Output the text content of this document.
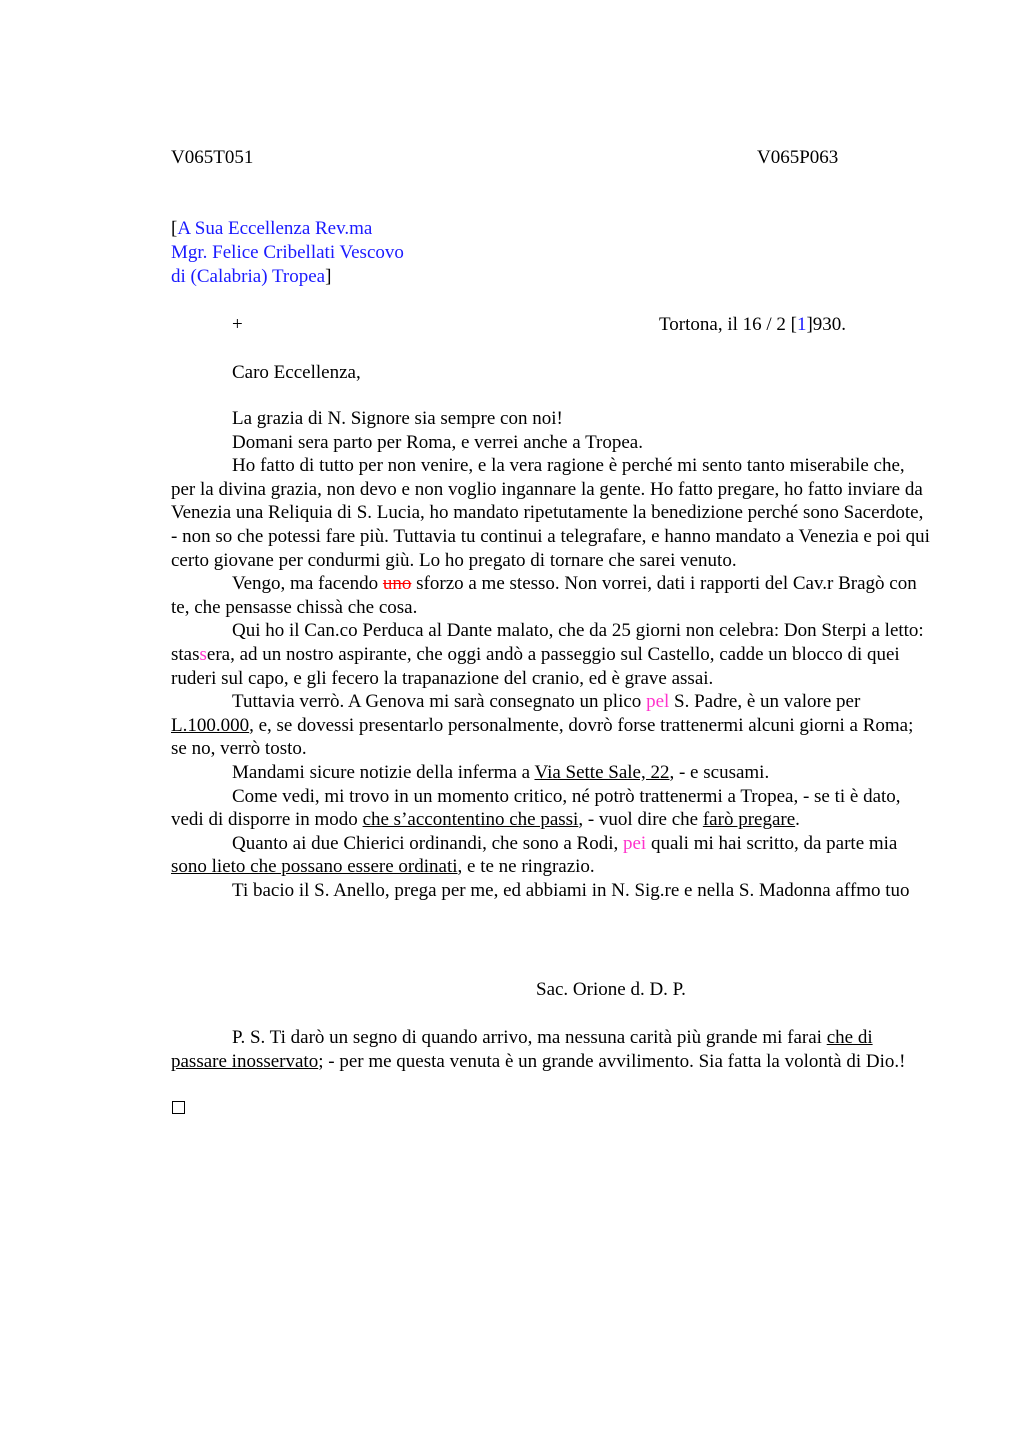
V065T051	V065P063
[A Sua Eccellenza Rev.ma
Mgr. Felice Cribellati Vescovo
di (Calabria) Tropea]
+	Tortona, il 16 / 2 [1]930.
Caro Eccellenza,

La grazia di N. Signore sia sempre con noi!

Domani sera parto per Roma, e verrei anche a Tropea.

Ho fatto di tutto per non venire, e la vera ragione è perché mi sento tanto miserabile che, per la divina grazia, non devo e non voglio ingannare la gente. Ho fatto pregare, ho fatto inviare da Venezia una Reliquia di S. Lucia, ho mandato ripetutamente la benedizione perché sono Sacerdote, - non so che potessi fare più. Tuttavia tu continui a telegrafare, e hanno mandato a Venezia e poi qui certo giovane per condurmi giù. Lo ho pregato di tornare che sarei venuto.

Vengo, ma facendo uno sforzo a me stesso. Non vorrei, dati i rapporti del Cav.r Bragò con te, che pensasse chissà che cosa.

Qui ho il Can.co Perduca al Dante malato, che da 25 giorni non celebra: Don Sterpi a letto: stassera, ad un nostro aspirante, che oggi andò a passeggio sul Castello, cadde un blocco di quei ruderi sul capo, e gli fecero la trapanazione del cranio, ed è grave assai.

Tuttavia verrò. A Genova mi sarà consegnato un plico pel S. Padre, è un valore per L.100.000, e, se dovessi presentarlo personalmente, dovrò forse trattenermi alcuni giorni a Roma; se no, verrò tosto.

Mandami sicure notizie della inferma a Via Sette Sale, 22, - e scusami.

Come vedi, mi trovo in un momento critico, né potrò trattenermi a Tropea, - se ti è dato, vedi di disporre in modo che s’accontentino che passi, - vuol dire che farò pregare.

Quanto ai due Chierici ordinandi, che sono a Rodi, pei quali mi hai scritto, da parte mia sono lieto che possano essere ordinati, e te ne ringrazio.

Ti bacio il S. Anello, prega per me, ed abbiami in N. Sig.re e nella S. Madonna affmo tuo

Sac. Orione d. D. P.

P. S. Ti darò un segno di quando arrivo, ma nessuna carità più grande mi farai che di passare inosservato; - per me questa venuta è un grande avvilimento. Sia fatta la volontà di Dio.!
